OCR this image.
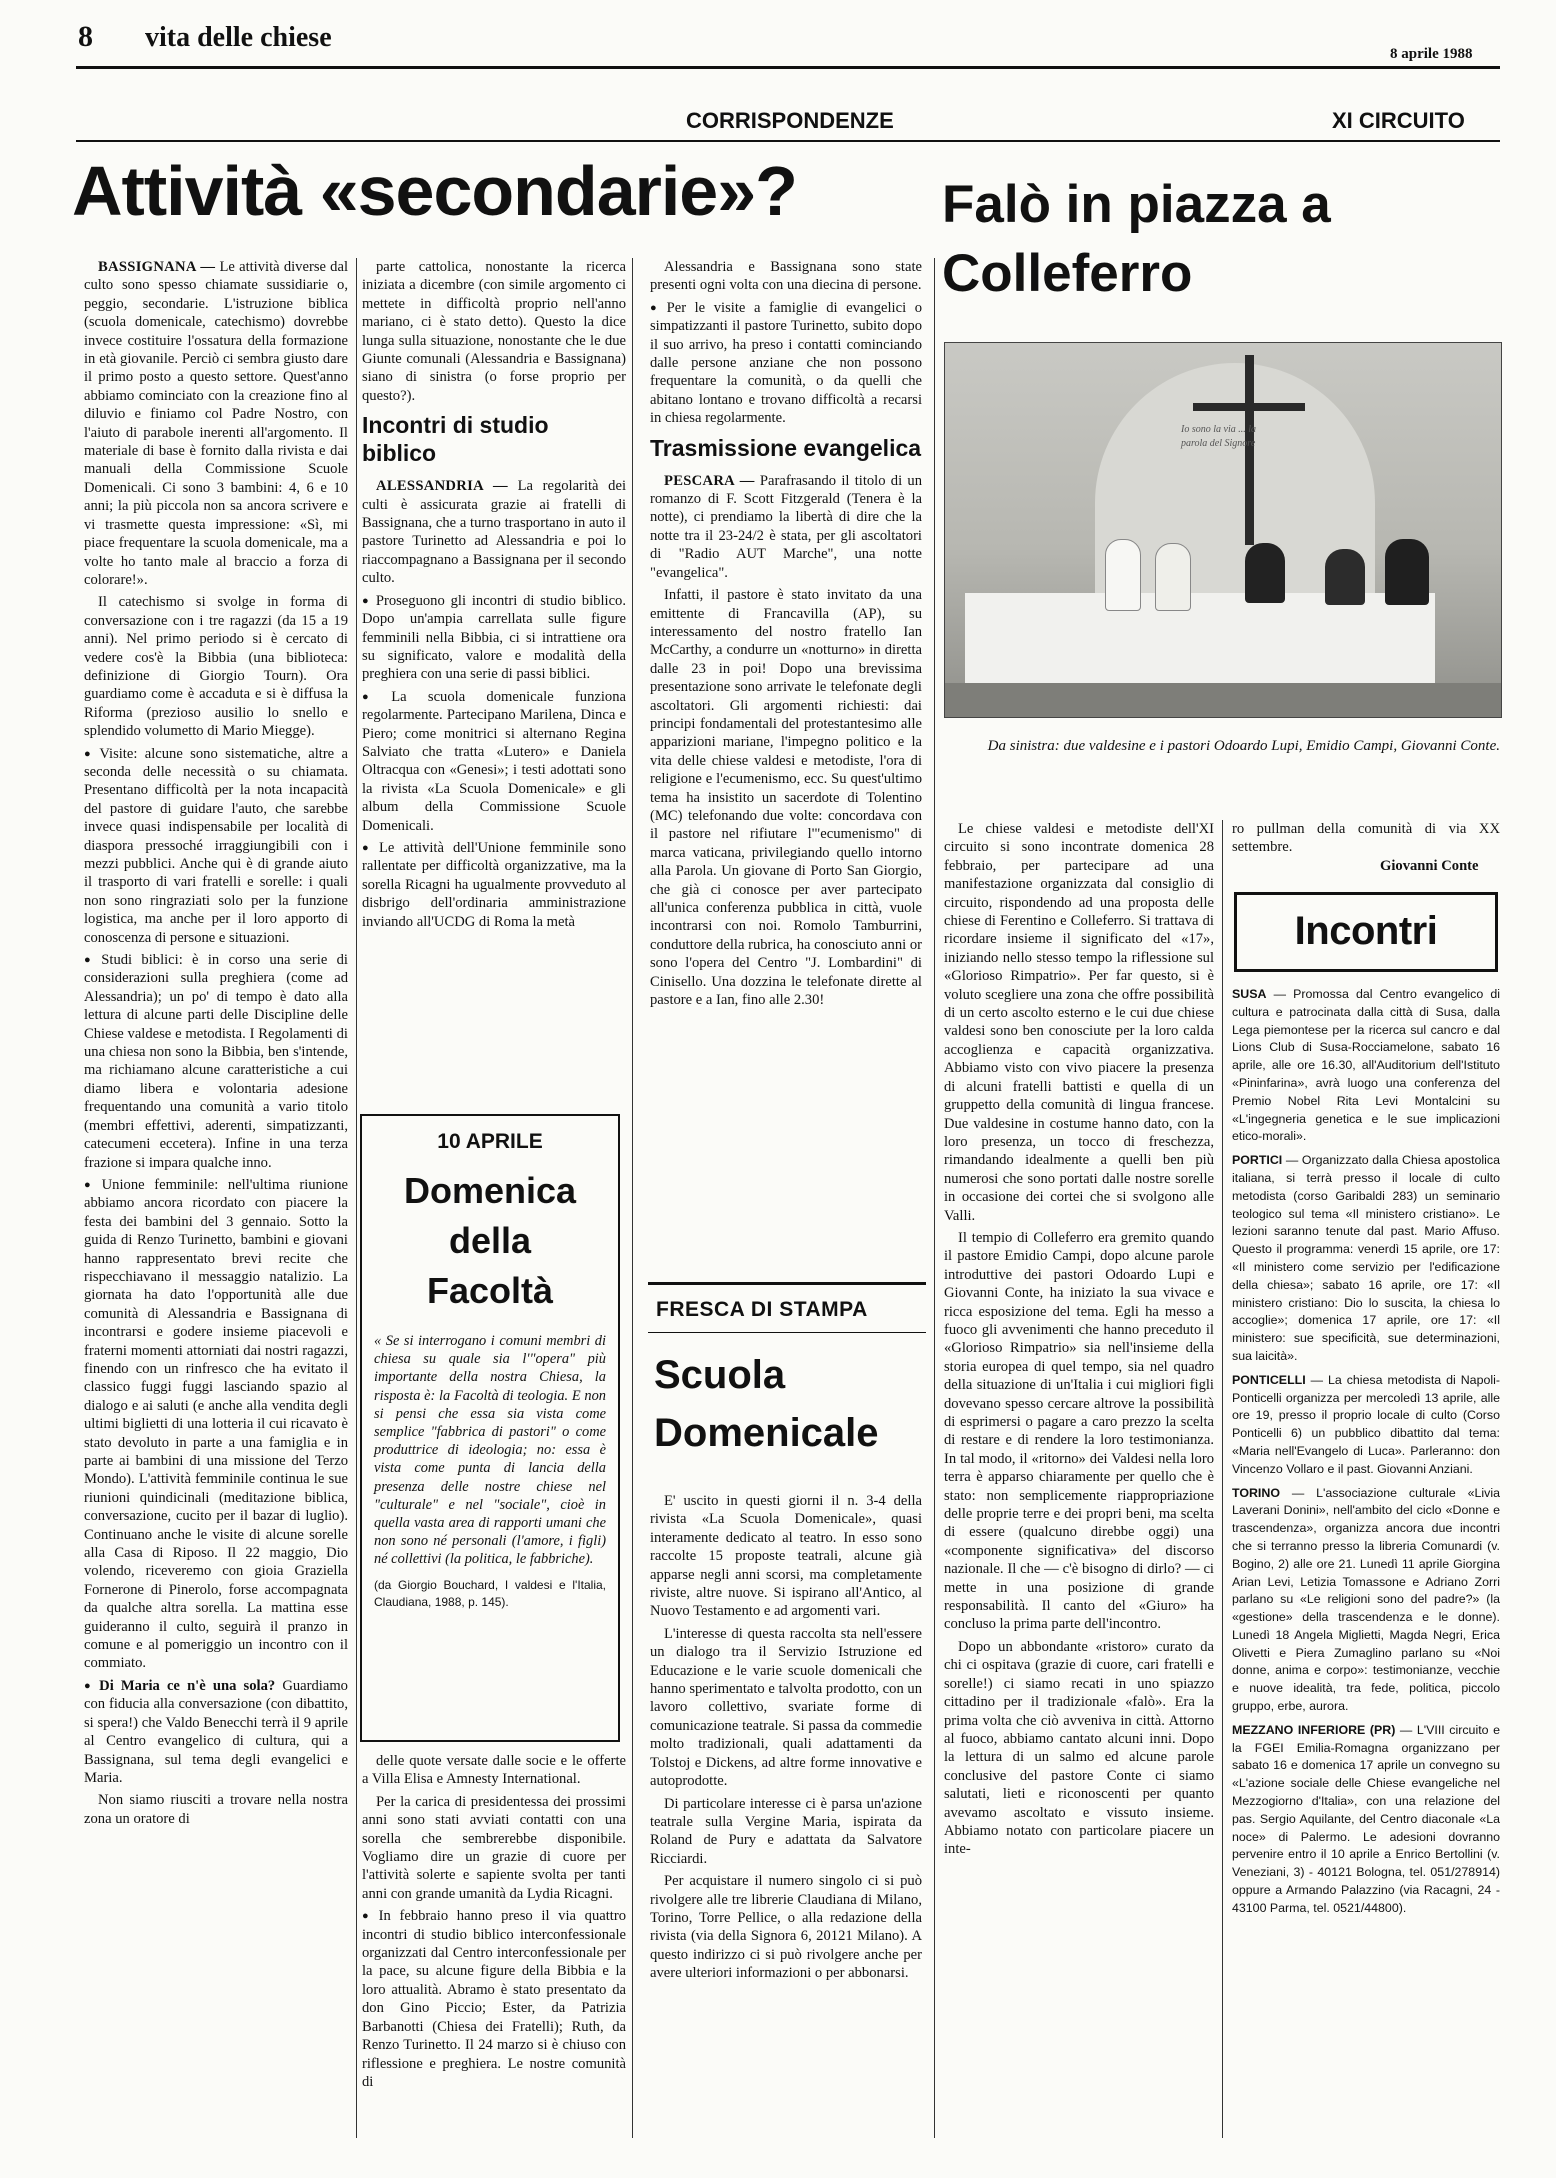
8 vita delle chiese
8 aprile 1988
CORRISPONDENZE	XI CIRCUITO
Attività «secondarie»?	Falò in piazza a Colleferro

BASSIGNANA — Le attività diverse dal culto sono spesso chiamate sussidiarie o, peggio, secondarie. L'istruzione biblica (scuola domenicale, catechismo) dovrebbe invece costituire l'ossatura della formazione in età giovanile. Perciò ci sembra giusto dare il primo posto a questo settore. Quest'anno abbiamo cominciato con la creazione fino al diluvio e finiamo col Padre Nostro, con l'aiuto di parabole inerenti all'argomento. Il materiale di base è fornito dalla rivista e dai manuali della Commissione Scuole Domenicali. Ci sono 3 bambini: 4, 6 e 10 anni; la più piccola non sa ancora scrivere e vi trasmette questa impressione: «Sì, mi piace frequentare la scuola domenicale, ma a volte ho tanto male al braccio a forza di colorare!».

Il catechismo si svolge in forma di conversazione con i tre ragazzi (da 15 a 19 anni). Nel primo periodo si è cercato di vedere cos'è la Bibbia (una biblioteca: definizione di Giorgio Tourn). Ora guardiamo come è accaduta e si è diffusa la Riforma (prezioso ausilio lo snello e splendido volumetto di Mario Miegge).

● Visite: alcune sono sistematiche, altre a seconda delle necessità o su chiamata. Presentano difficoltà per la nota incapacità del pastore di guidare l'auto, che sarebbe invece quasi indispensabile per località di diaspora pressoché irraggiungibili con i mezzi pubblici. Anche qui è di grande aiuto il trasporto di vari fratelli e sorelle: i quali non sono ringraziati solo per la funzione logistica, ma anche per il loro apporto di conoscenza di persone e situazioni.

● Studi biblici: è in corso una serie di considerazioni sulla preghiera (come ad Alessandria); un po' di tempo è dato alla lettura di alcune parti delle Discipline delle Chiese valdese e metodista. I Regolamenti di una chiesa non sono la Bibbia, ben s'intende, ma richiamano alcune caratteristiche a cui diamo libera e volontaria adesione frequentando una comunità a vario titolo (membri effettivi, aderenti, simpatizzanti, catecumeni eccetera). Infine in una terza frazione si impara qualche inno.

● Unione femminile: nell'ultima riunione abbiamo ancora ricordato con piacere la festa dei bambini del 3 gennaio. Sotto la guida di Renzo Turinetto, bambini e giovani hanno rappresentato brevi recite che rispecchiavano il messaggio natalizio. La giornata ha dato l'opportunità alle due comunità di Alessandria e Bassignana di incontrarsi e godere insieme piacevoli e fraterni momenti attorniati dai nostri ragazzi, finendo con un rinfresco che ha evitato il classico fuggi fuggi lasciando spazio al dialogo e ai saluti (e anche alla vendita degli ultimi biglietti di una lotteria il cui ricavato è stato devoluto in parte a una famiglia e in parte ai bambini di una missione del Terzo Mondo). L'attività femminile continua le sue riunioni quindicinali (meditazione biblica, conversazione, cucito per il bazar di luglio). Continuano anche le visite di alcune sorelle alla Casa di Riposo. Il 22 maggio, Dio volendo, riceveremo con gioia Graziella Fornerone di Pinerolo, forse accompagnata da qualche altra sorella. La mattina esse guideranno il culto, seguirà il pranzo in comune e al pomeriggio un incontro con il commiato.

● Di Maria ce n'è una sola? Guardiamo con fiducia alla conversazione (con dibattito, si spera!) che Valdo Benecchi terrà il 9 aprile al Centro evangelico di cultura, qui a Bassignana, sul tema degli evangelici e Maria.

Non siamo riusciti a trovare nella nostra zona un oratore di

parte cattolica, nonostante la ricerca iniziata a dicembre (con simile argomento ci mettete in difficoltà proprio nell'anno mariano, ci è stato detto). Questo la dice lunga sulla situazione, nonostante che le due Giunte comunali (Alessandria e Bassignana) siano di sinistra (o forse proprio per questo?).

Incontri di studio biblico

ALESSANDRIA — La regolarità dei culti è assicurata grazie ai fratelli di Bassignana, che a turno trasportano in auto il pastore Turinetto ad Alessandria e poi lo riaccompagnano a Bassignana per il secondo culto.

● Proseguono gli incontri di studio biblico. Dopo un'ampia carrellata sulle figure femminili nella Bibbia, ci si intrattiene ora su significato, valore e modalità della preghiera con una serie di passi biblici.

● La scuola domenicale funziona regolarmente. Partecipano Marilena, Dinca e Piero; come monitrici si alternano Regina Salviato che tratta «Lutero» e Daniela Oltracqua con «Genesi»; i testi adottati sono la rivista «La Scuola Domenicale» e gli album della Commissione Scuole Domenicali.

● Le attività dell'Unione femminile sono rallentate per difficoltà organizzative, ma la sorella Ricagni ha ugualmente provveduto al disbrigo dell'ordinaria amministrazione inviando all'UCDG di Roma la metà

10 APRILE
Domenica della Facoltà
« Se si interrogano i comuni membri di chiesa su quale sia l'"opera" più importante della nostra Chiesa, la risposta è: la Facoltà di teologia. E non si pensi che essa sia vista come semplice "fabbrica di pastori" o come produttrice di ideologia; no: essa è vista come punta di lancia della presenza delle nostre chiese nel "culturale" e nel "sociale", cioè in quella vasta area di rapporti umani che non sono né personali (l'amore, i figli) né collettivi (la politica, le fabbriche).
(da Giorgio Bouchard, I valdesi e l'Italia, Claudiana, 1988, p. 145).

delle quote versate dalle socie e le offerte a Villa Elisa e Amnesty International.

Per la carica di presidentessa dei prossimi anni sono stati avviati contatti con una sorella che sembrerebbe disponibile. Vogliamo dire un grazie di cuore per l'attività solerte e sapiente svolta per tanti anni con grande umanità da Lydia Ricagni.

● In febbraio hanno preso il via quattro incontri di studio biblico interconfessionale organizzati dal Centro interconfessionale per la pace, su alcune figure della Bibbia e la loro attualità. Abramo è stato presentato da don Gino Piccio; Ester, da Patrizia Barbanotti (Chiesa dei Fratelli); Ruth, da Renzo Turinetto. Il 24 marzo si è chiuso con riflessione e preghiera. Le nostre comunità di

Alessandria e Bassignana sono state presenti ogni volta con una diecina di persone.

● Per le visite a famiglie di evangelici o simpatizzanti il pastore Turinetto, subito dopo il suo arrivo, ha preso i contatti cominciando dalle persone anziane che non possono frequentare la comunità, o da quelli che abitano lontano e trovano difficoltà a recarsi in chiesa regolarmente.

Trasmissione evangelica

PESCARA — Parafrasando il titolo di un romanzo di F. Scott Fitzgerald (Tenera è la notte), ci prendiamo la libertà di dire che la notte tra il 23-24/2 è stata, per gli ascoltatori di "Radio AUT Marche", una notte "evangelica".

Infatti, il pastore è stato invitato da una emittente di Francavilla (AP), su interessamento del nostro fratello Ian McCarthy, a condurre un «notturno» in diretta dalle 23 in poi! Dopo una brevissima presentazione sono arrivate le telefonate degli ascoltatori. Gli argomenti richiesti: dai principi fondamentali del protestantesimo alle apparizioni mariane, l'impegno politico e la vita delle chiese valdesi e metodiste, l'ora di religione e l'ecumenismo, ecc. Su quest'ultimo tema ha insistito un sacerdote di Tolentino (MC) telefonando due volte: concordava con il pastore nel rifiutare l'"ecumenismo" di marca vaticana, privilegiando quello intorno alla Parola. Un giovane di Porto San Giorgio, che già ci conosce per aver partecipato all'unica conferenza pubblica in città, vuole incontrarsi con noi. Romolo Tamburrini, conduttore della rubrica, ha conosciuto anni or sono l'opera del Centro "J. Lombardini" di Cinisello. Una dozzina le telefonate dirette al pastore e a Ian, fino alle 2.30!

FRESCA DI STAMPA
Scuola Domenicale

E' uscito in questi giorni il n. 3-4 della rivista «La Scuola Domenicale», quasi interamente dedicato al teatro. In esso sono raccolte 15 proposte teatrali, alcune già apparse negli anni scorsi, ma completamente riviste, altre nuove. Si ispirano all'Antico, al Nuovo Testamento e ad argomenti vari.

L'interesse di questa raccolta sta nell'essere un dialogo tra il Servizio Istruzione ed Educazione e le varie scuole domenicali che hanno sperimentato e talvolta prodotto, con un lavoro collettivo, svariate forme di comunicazione teatrale. Si passa da commedie molto tradizionali, quali adattamenti da Tolstoj e Dickens, ad altre forme innovative e autoprodotte.

Di particolare interesse ci è parsa un'azione teatrale sulla Vergine Maria, ispirata da Roland de Pury e adattata da Salvatore Ricciardi.

Per acquistare il numero singolo ci si può rivolgere alle tre librerie Claudiana di Milano, Torino, Torre Pellice, o alla redazione della rivista (via della Signora 6, 20121 Milano). A questo indirizzo ci si può rivolgere anche per avere ulteriori informazioni o per abbonarsi.

Io sono la via ... la parola del Signore
Da sinistra: due valdesine e i pastori Odoardo Lupi, Emidio Campi, Giovanni Conte.

Le chiese valdesi e metodiste dell'XI circuito si sono incontrate domenica 28 febbraio, per partecipare ad una manifestazione organizzata dal consiglio di circuito, rispondendo ad una proposta delle chiese di Ferentino e Colleferro. Si trattava di ricordare insieme il significato del «17», iniziando nello stesso tempo la riflessione sul «Glorioso Rimpatrio». Per far questo, si è voluto scegliere una zona che offre possibilità di un certo ascolto esterno e le cui due chiese valdesi sono ben conosciute per la loro calda accoglienza e capacità organizzativa. Abbiamo visto con vivo piacere la presenza di alcuni fratelli battisti e quella di un gruppetto della comunità di lingua francese. Due valdesine in costume hanno dato, con la loro presenza, un tocco di freschezza, rimandando idealmente a quelli ben più numerosi che sono portati dalle nostre sorelle in occasione dei cortei che si svolgono alle Valli.

Il tempio di Colleferro era gremito quando il pastore Emidio Campi, dopo alcune parole introduttive dei pastori Odoardo Lupi e Giovanni Conte, ha iniziato la sua vivace e ricca esposizione del tema. Egli ha messo a fuoco gli avvenimenti che hanno preceduto il «Glorioso Rimpatrio» sia nell'insieme della storia europea di quel tempo, sia nel quadro della situazione di un'Italia i cui migliori figli dovevano spesso cercare altrove la possibilità di esprimersi o pagare a caro prezzo la scelta di restare e di rendere la loro testimonianza. In tal modo, il «ritorno» dei Valdesi nella loro terra è apparso chiaramente per quello che è stato: non semplicemente riappropriazione delle proprie terre e dei propri beni, ma scelta di essere (qualcuno direbbe oggi) una «componente significativa» del discorso nazionale. Il che — c'è bisogno di dirlo? — ci mette in una posizione di grande responsabilità. Il canto del «Giuro» ha concluso la prima parte dell'incontro.

Dopo un abbondante «ristoro» curato da chi ci ospitava (grazie di cuore, cari fratelli e sorelle!) ci siamo recati in uno spiazzo cittadino per il tradizionale «falò». Era la prima volta che ciò avveniva in città. Attorno al fuoco, abbiamo cantato alcuni inni. Dopo la lettura di un salmo ed alcune parole conclusive del pastore Conte ci siamo salutati, lieti e riconoscenti per quanto avevamo ascoltato e vissuto insieme. Abbiamo notato con particolare piacere un inte-

ro pullman della comunità di via XX settembre.

Giovanni Conte
Incontri

SUSA — Promossa dal Centro evangelico di cultura e patrocinata dalla città di Susa, dalla Lega piemontese per la ricerca sul cancro e dal Lions Club di Susa-Rocciamelone, sabato 16 aprile, alle ore 16.30, all'Auditorium dell'Istituto «Pininfarina», avrà luogo una conferenza del Premio Nobel Rita Levi Montalcini su «L'ingegneria genetica e le sue implicazioni etico-morali».

PORTICI — Organizzato dalla Chiesa apostolica italiana, si terrà presso il locale di culto metodista (corso Garibaldi 283) un seminario teologico sul tema «Il ministero cristiano». Le lezioni saranno tenute dal past. Mario Affuso. Questo il programma: venerdì 15 aprile, ore 17: «Il ministero come servizio per l'edificazione della chiesa»; sabato 16 aprile, ore 17: «Il ministero cristiano: Dio lo suscita, la chiesa lo accoglie»; domenica 17 aprile, ore 17: «Il ministero: sue specificità, sue determinazioni, sua laicità».

PONTICELLI — La chiesa metodista di Napoli-Ponticelli organizza per mercoledì 13 aprile, alle ore 19, presso il proprio locale di culto (Corso Ponticelli 6) un pubblico dibattito dal tema: «Maria nell'Evangelo di Luca». Parleranno: don Vincenzo Vollaro e il past. Giovanni Anziani.

TORINO — L'associazione culturale «Livia Laverani Donini», nell'ambito del ciclo «Donne e trascendenza», organizza ancora due incontri che si terranno presso la libreria Comunardi (v. Bogino, 2) alle ore 21. Lunedì 11 aprile Giorgina Arian Levi, Letizia Tomassone e Adriano Zorri parlano su «Le religioni sono del padre?» (la «gestione» della trascendenza e le donne). Lunedì 18 Angela Miglietti, Magda Negri, Erica Olivetti e Piera Zumaglino parlano su «Noi donne, anima e corpo»: testimonianze, vecchie e nuove idealità, tra fede, politica, piccolo gruppo, erbe, aurora.

MEZZANO INFERIORE (PR) — L'VIII circuito e la FGEI Emilia-Romagna organizzano per sabato 16 e domenica 17 aprile un convegno su «L'azione sociale delle Chiese evangeliche nel Mezzogiorno d'Italia», con una relazione del pas. Sergio Aquilante, del Centro diaconale «La noce» di Palermo. Le adesioni dovranno pervenire entro il 10 aprile a Enrico Bertollini (v. Veneziani, 3) - 40121 Bologna, tel. 051/278914) oppure a Armando Palazzino (via Racagni, 24 - 43100 Parma, tel. 0521/44800).
